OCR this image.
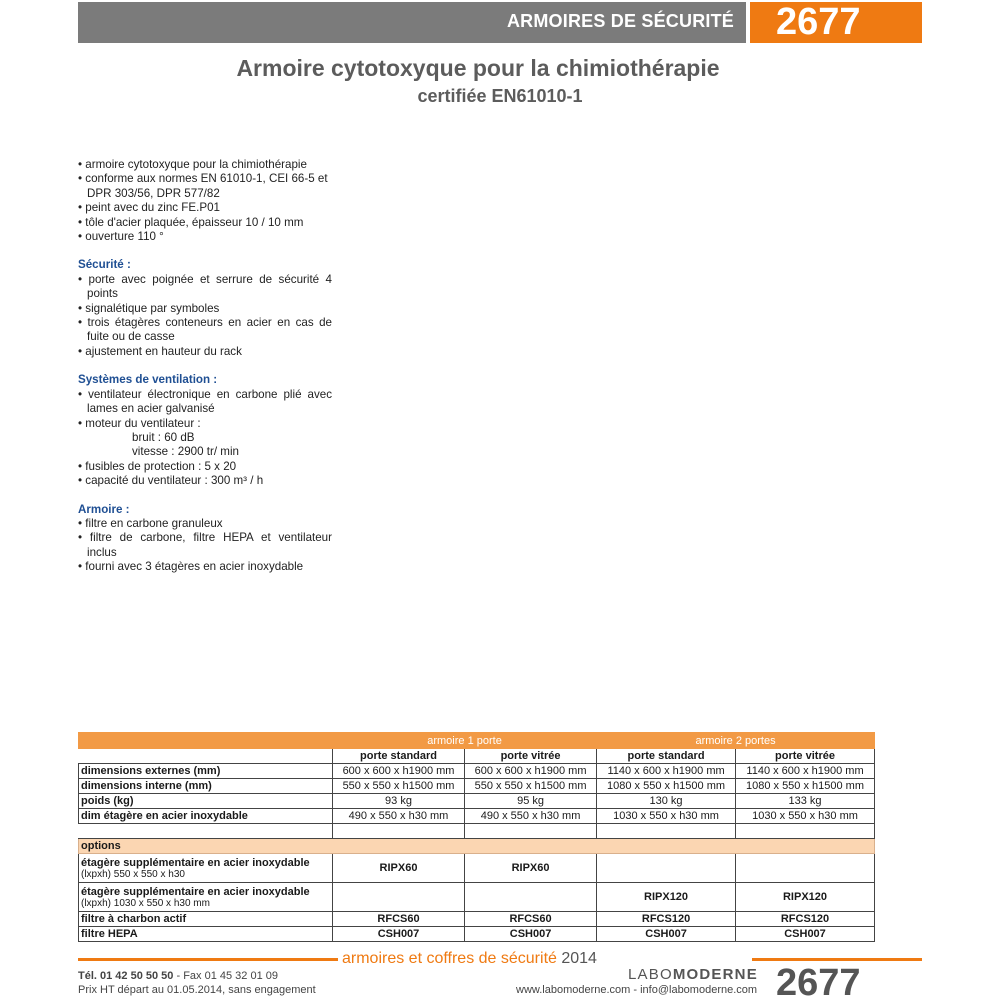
ARMOIRES DE SÉCURITÉ	2677
Armoire cytotoxyque pour la chimiothérapie
certifiée EN61010-1
• armoire cytotoxyque pour la chimiothérapie
• conforme aux normes EN 61010-1, CEI 66-5 et DPR 303/56, DPR 577/82
• peint avec du zinc FE.P01
• tôle d'acier plaquée, épaisseur 10 / 10 mm
• ouverture 110 °
Sécurité :
• porte avec poignée et serrure de sécurité 4 points
• signalétique par symboles
• trois étagères conteneurs en acier en cas de fuite ou de casse
• ajustement en hauteur du rack
Systèmes de ventilation :
• ventilateur électronique en carbone plié avec lames en acier galvanisé
• moteur du ventilateur :
bruit : 60 dB
vitesse : 2900 tr/ min
• fusibles de protection : 5 x 20
• capacité du ventilateur : 300 m³ / h
Armoire :
• filtre en carbone granuleux
• filtre de carbone, filtre HEPA et ventilateur inclus
• fourni avec 3 étagères en acier inoxydable
	armoire 1 porte		armoire 2 portes	
	porte standard	porte vitrée	porte standard	porte vitrée
dimensions externes (mm)	600 x 600 x h1900 mm	600 x 600 x h1900 mm	1140 x 600 x h1900 mm	1140 x 600 x h1900 mm
dimensions interne (mm)	550 x 550 x h1500 mm	550 x 550 x h1500 mm	1080 x 550 x h1500 mm	1080 x 550 x h1500 mm
poids (kg)	93 kg	95 kg	130 kg	133 kg
dim étagère en acier inoxydable	490 x 550 x h30 mm	490 x 550 x h30 mm	1030 x 550 x h30 mm	1030 x 550 x h30 mm

options				

étagère supplémentaire en acier inoxydable
(lxpxh) 550 x 550 x h30	RIPX60	RIPX60		

étagère supplémentaire en acier inoxydable
(lxpxh) 1030 x 550 x h30 mm			RIPX120	RIPX120
filtre à charbon actif	RFCS60	RFCS60	RFCS120	RFCS120
filtre HEPA	CSH007	CSH007	CSH007	CSH007
armoires et coffres de sécurité 2014
Tél. 01 42 50 50 50 - Fax 01 45 32 01 09
Prix HT départ au 01.05.2014, sans engagement
LABOMODERNE
www.labomoderne.com - info@labomoderne.com 2677
